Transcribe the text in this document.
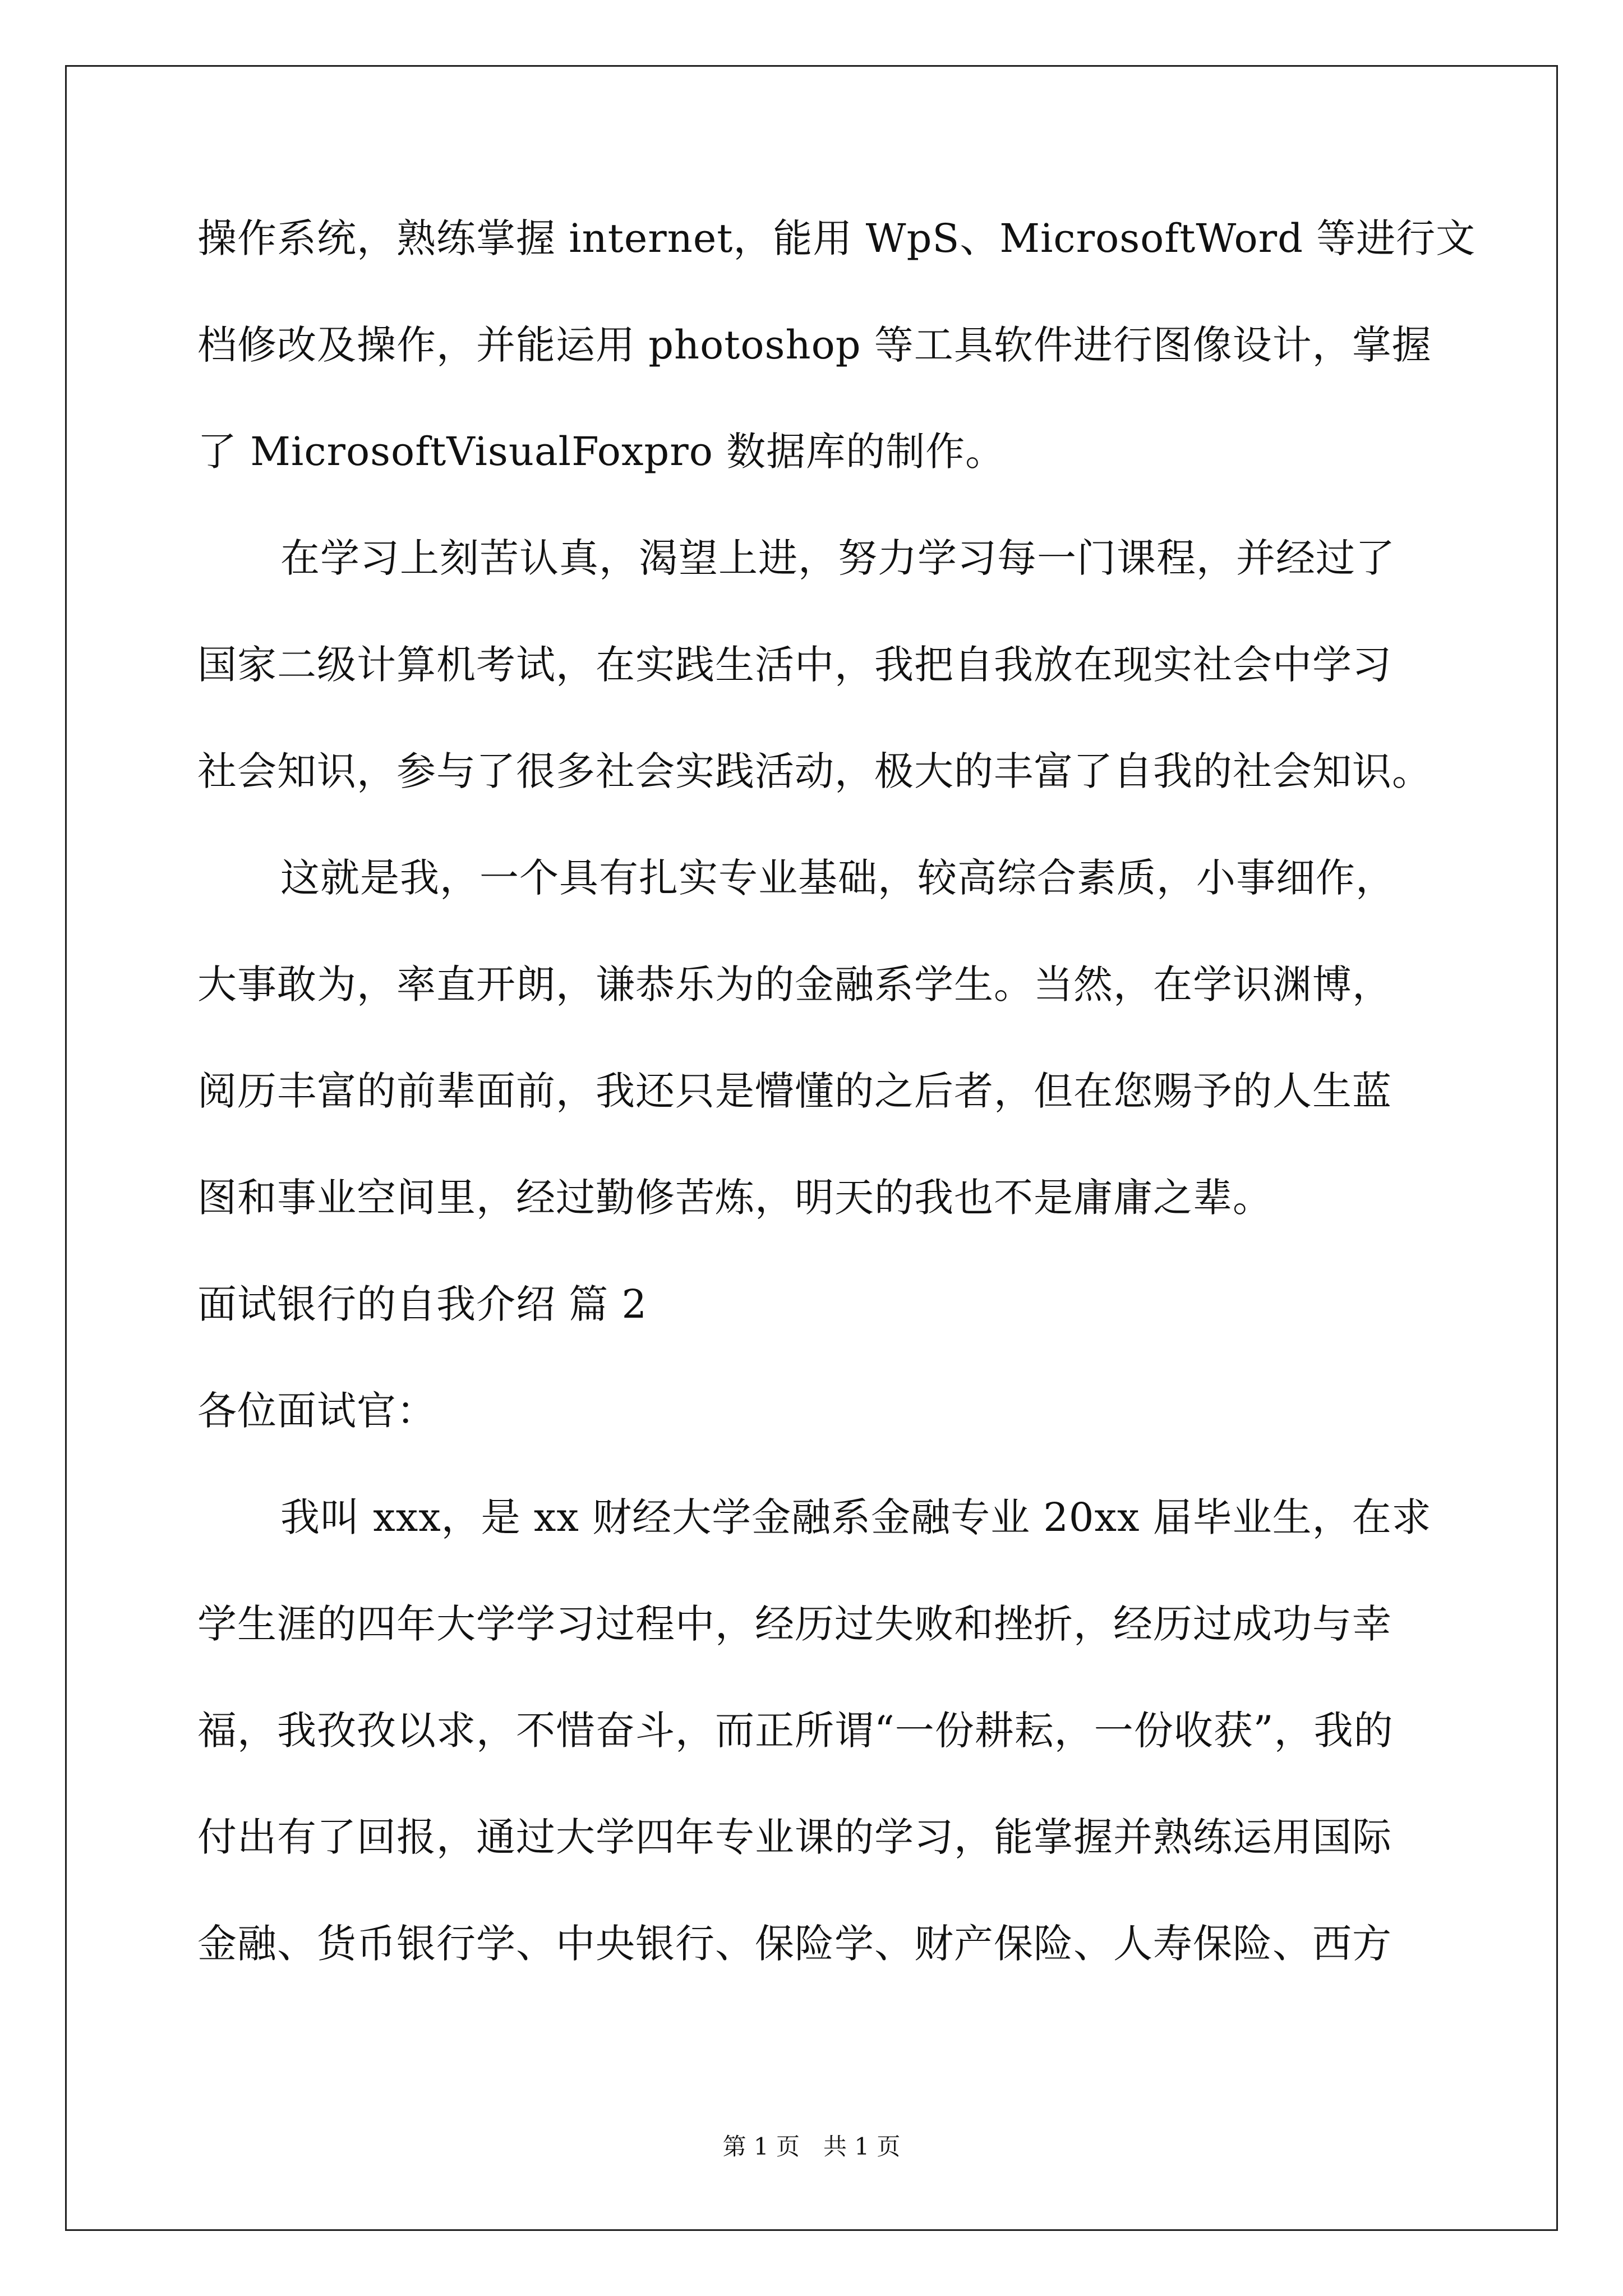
操作系统，熟练掌握 internet，能用 WpS、MicrosoftWord 等进行文
档修改及操作，并能运用 photoshop 等工具软件进行图像设计，掌握
了 MicrosoftVisualFoxpro 数据库的制作。
在学习上刻苦认真，渴望上进，努力学习每一门课程，并经过了
国家二级计算机考试，在实践生活中，我把自我放在现实社会中学习
社会知识，参与了很多社会实践活动，极大的丰富了自我的社会知识。
这就是我，一个具有扎实专业基础，较高综合素质，小事细作，
大事敢为，率直开朗，谦恭乐为的金融系学生。当然，在学识渊博，
阅历丰富的前辈面前，我还只是懵懂的之后者，但在您赐予的人生蓝
图和事业空间里，经过勤修苦炼，明天的我也不是庸庸之辈。
面试银行的自我介绍 篇 2
各位面试官：
我叫 xxx，是 xx 财经大学金融系金融专业 20xx 届毕业生，在求
学生涯的四年大学学习过程中，经历过失败和挫折，经历过成功与幸
福，我孜孜以求，不惜奋斗，而正所谓“一份耕耘，一份收获”，我的
付出有了回报，通过大学四年专业课的学习，能掌握并熟练运用国际
金融、货币银行学、中央银行、保险学、财产保险、人寿保险、西方
第 1 页　共 1 页
